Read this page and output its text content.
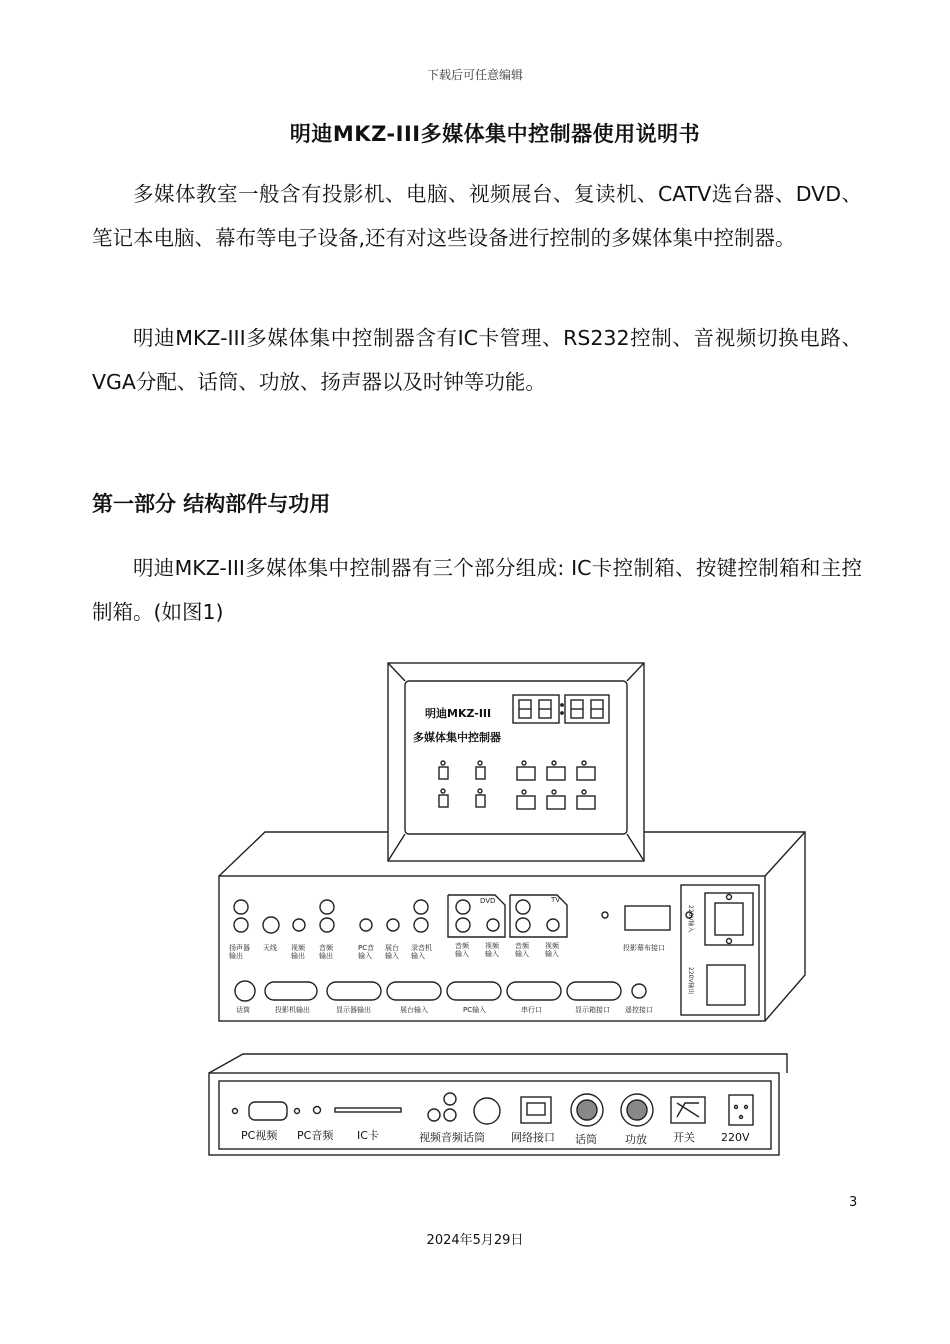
下载后可任意编辑
明迪MKZ-III多媒体集中控制器使用说明书
多媒体教室一般含有投影机、电脑、视频展台、复读机、CATV选台器、DVD、笔记本电脑、幕布等电子设备,还有对这些设备进行控制的多媒体集中控制器。
明迪MKZ-III多媒体集中控制器含有IC卡管理、RS232控制、音视频切换电路、VGA分配、话筒、功放、扬声器以及时钟等功能。
第一部分 结构部件与功用
明迪MKZ-III多媒体集中控制器有三个部分组成: IC卡控制箱、按键控制箱和主控制箱。(如图1)
明迪MKZ-III
多媒体集中控制器
扬声器输出
天线 视频输出
音频输出
PC音输入
展台输入
录音机输入
音频输入
视频输入
音频输入
视频输入
投影幕布接口
DVD	TV
话筒	投影机输出	显示器输出	展台输入	PC输入	串行口	显示箱接口 遥控接口
220V输入
220V输出
PC视频 PC音频 IC卡	视频音频话筒 网络接口 话筒	功放 开关 220V
3
2024年5月29日
